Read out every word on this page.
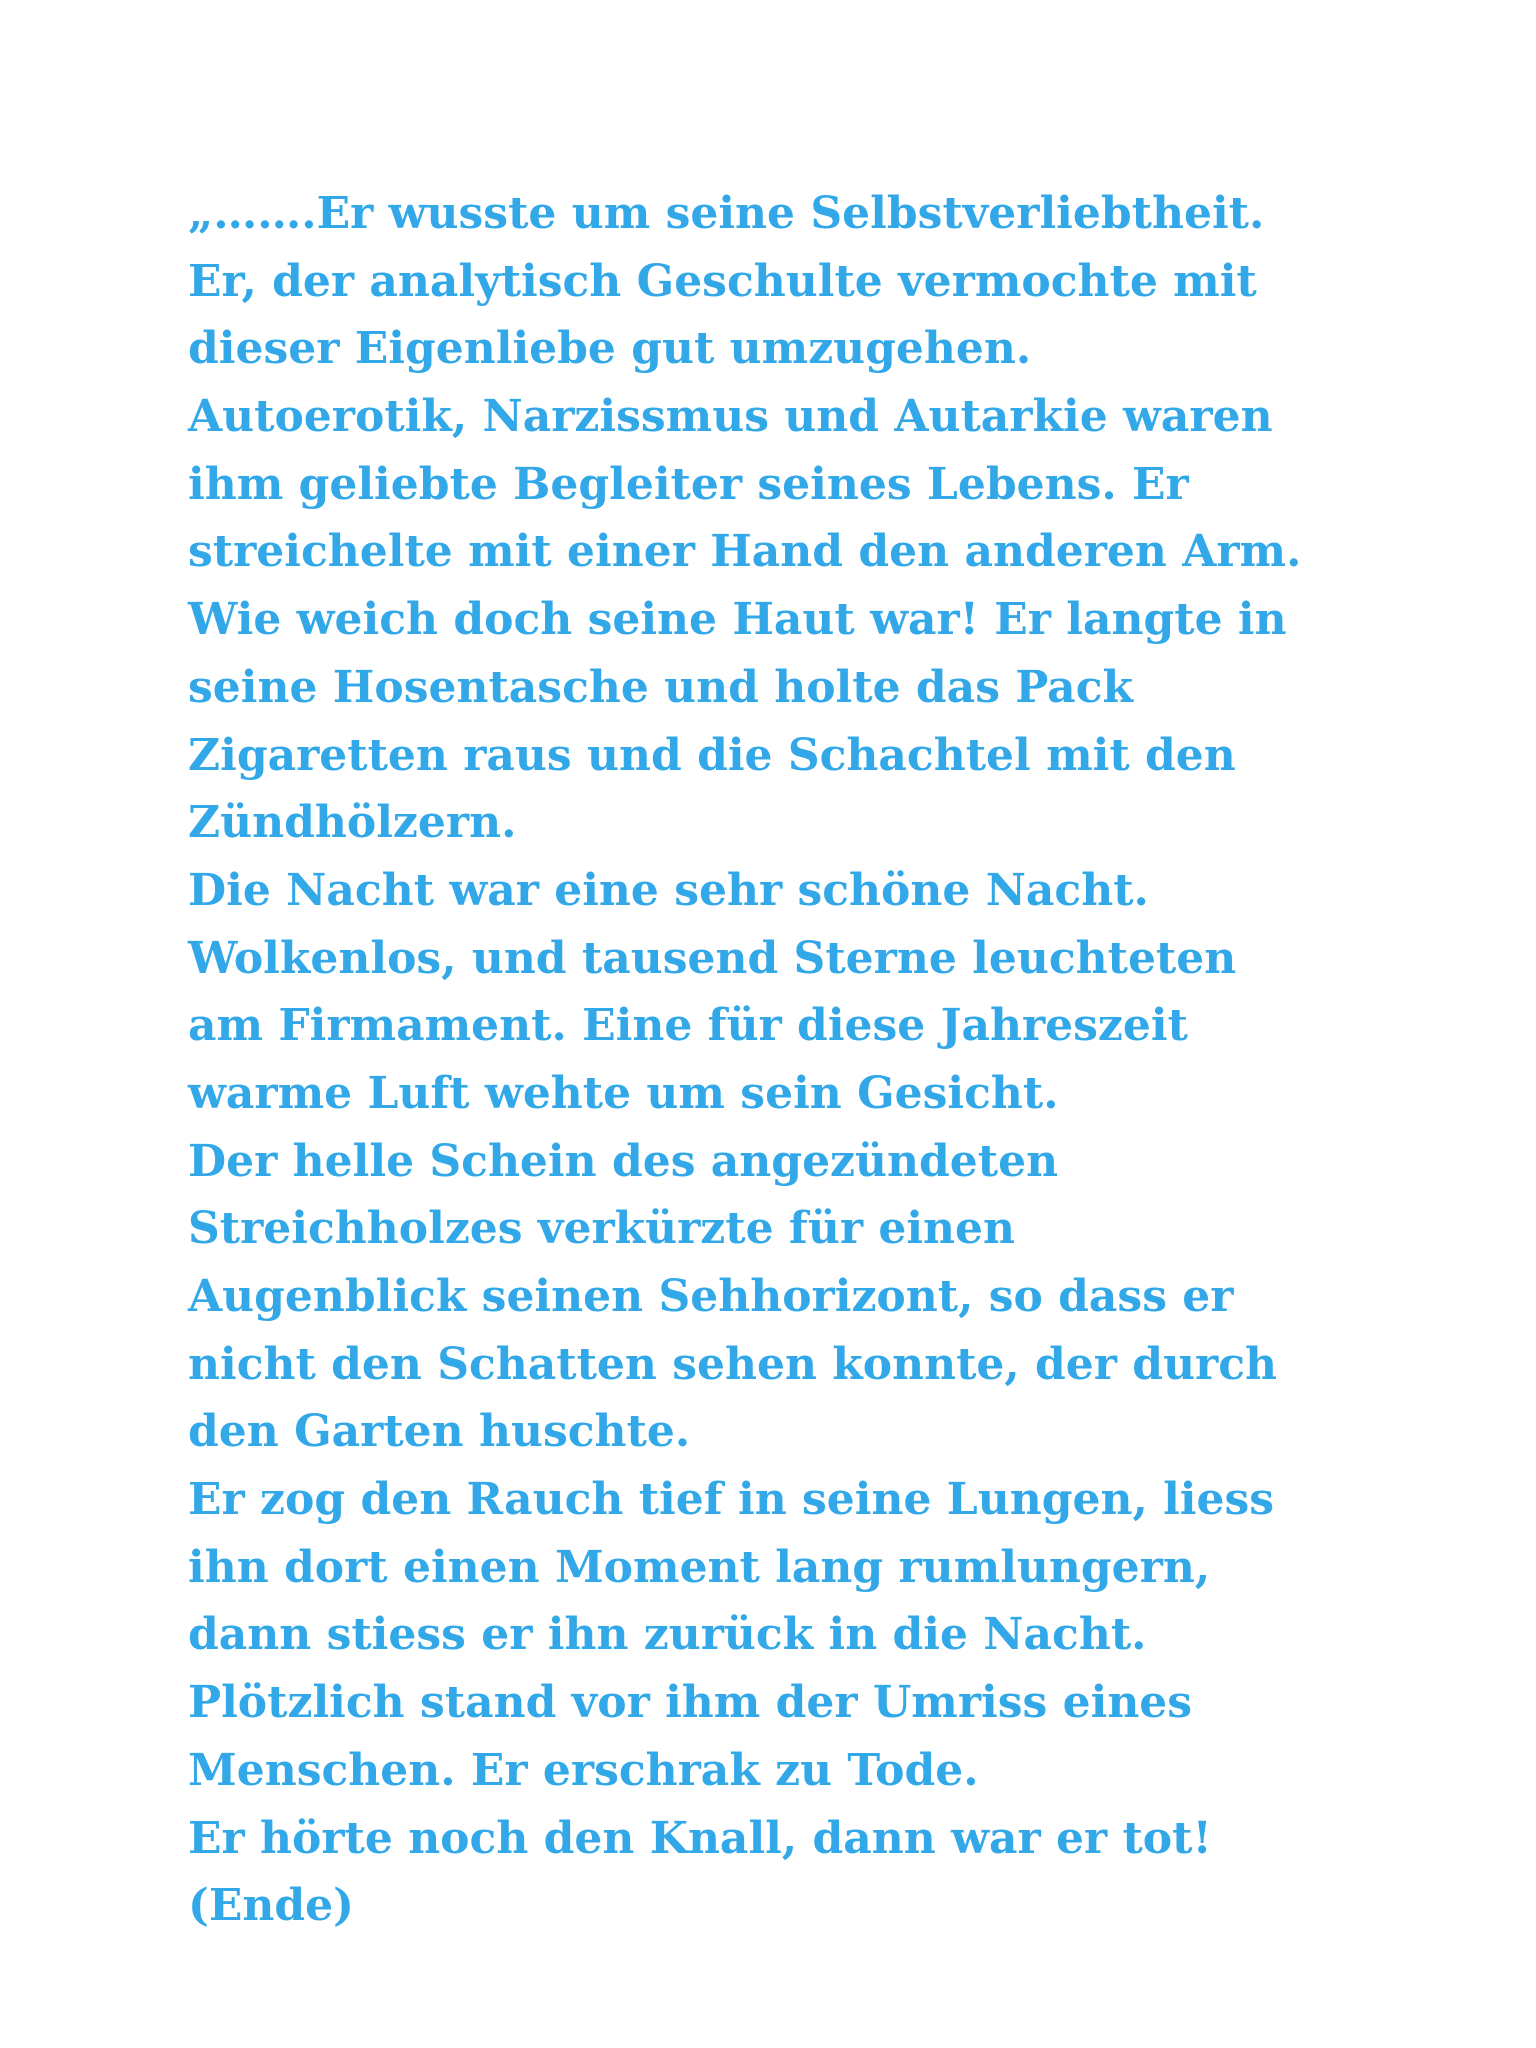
„…….Er wusste um seine Selbstverliebtheit.
Er, der analytisch Geschulte vermochte mit
dieser Eigenliebe gut umzugehen.
Autoerotik, Narzissmus und Autarkie waren
ihm geliebte Begleiter seines Lebens. Er
streichelte mit einer Hand den anderen Arm.
Wie weich doch seine Haut war! Er langte in
seine Hosentasche und holte das Pack
Zigaretten raus und die Schachtel mit den
Zündhölzern.
Die Nacht war eine sehr schöne Nacht.
Wolkenlos, und tausend Sterne leuchteten
am Firmament. Eine für diese Jahreszeit
warme Luft wehte um sein Gesicht.
Der helle Schein des angezündeten
Streichholzes verkürzte für einen
Augenblick seinen Sehhorizont, so dass er
nicht den Schatten sehen konnte, der durch
den Garten huschte.
Er zog den Rauch tief in seine Lungen, liess
ihn dort einen Moment lang rumlungern,
dann stiess er ihn zurück in die Nacht.
Plötzlich stand vor ihm der Umriss eines
Menschen. Er erschrak zu Tode.
Er hörte noch den Knall, dann war er tot!
(Ende)
